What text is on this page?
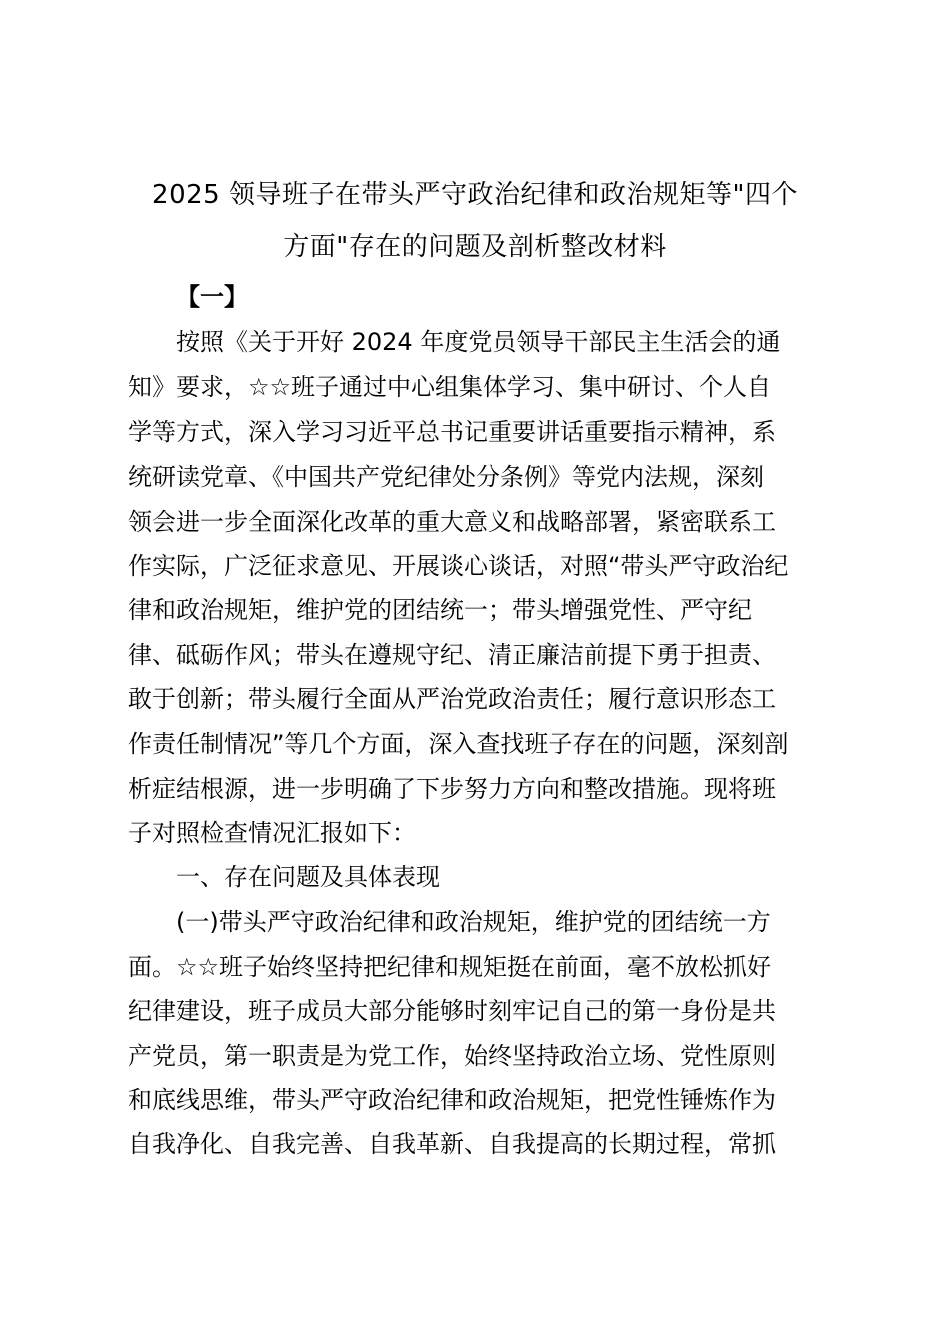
2025 领导班子在带头严守政治纪律和政治规矩等"四个
方面"存在的问题及剖析整改材料
【一】
按照《关于开好 2024 年度党员领导干部民主生活会的通
知》要求，☆☆班子通过中心组集体学习、集中研讨、个人自
学等方式，深入学习习近平总书记重要讲话重要指示精神，系
统研读党章、《中国共产党纪律处分条例》等党内法规，深刻
领会进一步全面深化改革的重大意义和战略部署，紧密联系工
作实际，广泛征求意见、开展谈心谈话，对照“带头严守政治纪
律和政治规矩，维护党的团结统一；带头增强党性、严守纪
律、砥砺作风；带头在遵规守纪、清正廉洁前提下勇于担责、
敢于创新；带头履行全面从严治党政治责任；履行意识形态工
作责任制情况”等几个方面，深入查找班子存在的问题，深刻剖
析症结根源，进一步明确了下步努力方向和整改措施。现将班
子对照检查情况汇报如下：
一、存在问题及具体表现
(一)带头严守政治纪律和政治规矩，维护党的团结统一方
面。☆☆班子始终坚持把纪律和规矩挺在前面，毫不放松抓好
纪律建设，班子成员大部分能够时刻牢记自己的第一身份是共
产党员，第一职责是为党工作，始终坚持政治立场、党性原则
和底线思维，带头严守政治纪律和政治规矩，把党性锤炼作为
自我净化、自我完善、自我革新、自我提高的长期过程，常抓
